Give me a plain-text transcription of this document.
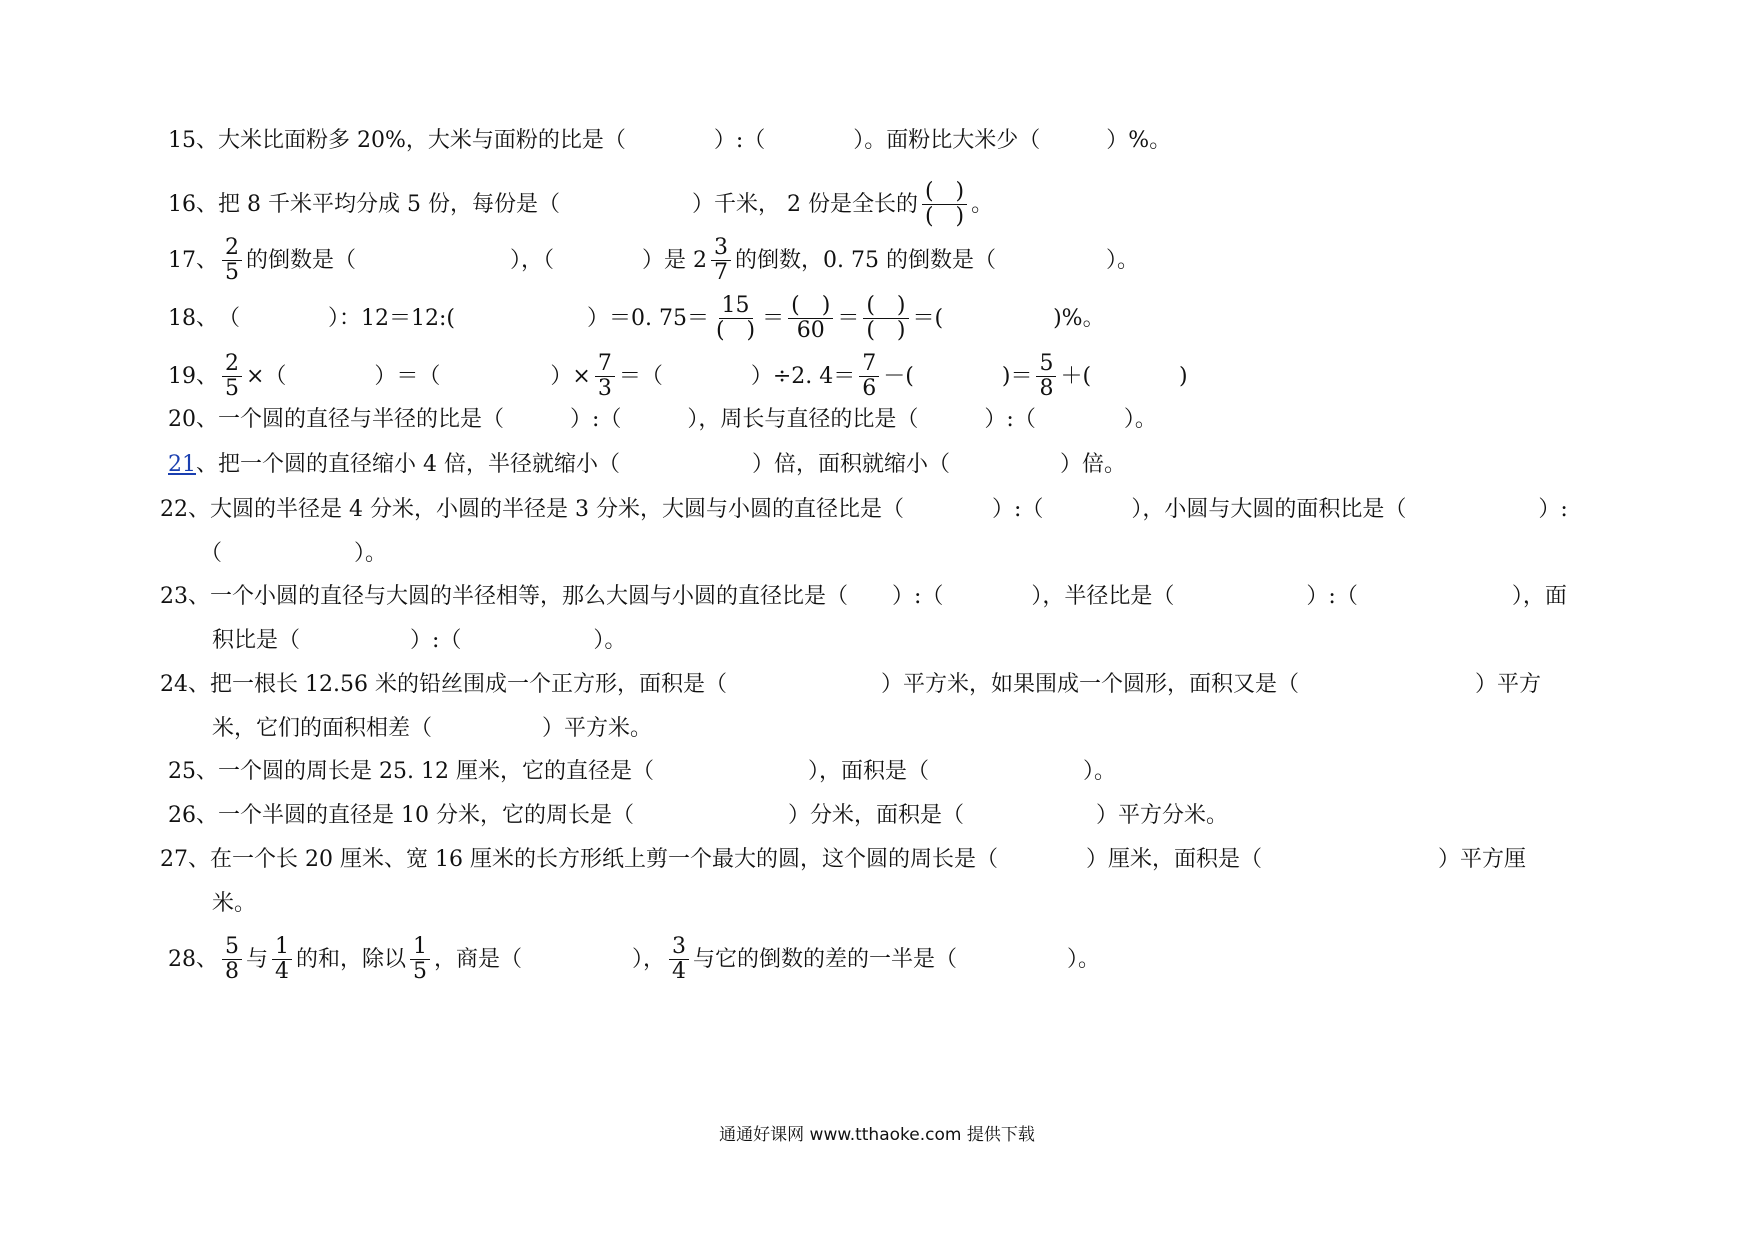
15、 大米比面粉多 20%，大米与面粉的比是（　　　　）:（　　　　）。面粉比大米少（　　　）%。
16、 把 8 千米平均分成 5 份，每份是（　　　　　　）千米， 2 份是全长的 $\frac{( )}{( )}$ 。
17、 $\frac{2}{5}$ 的倒数是（　　　　　　　），（　　　　）是 $2 \frac{3}{7}$ 的倒数，0. 75 的倒数是（　　　　　）。
18、 （　　　　）：12＝12:(　　　　　　）＝0. $75= \frac{15}{( )} = \frac{( )}{60} = \frac{( )}{( )}$ ＝(　　　　　)%。
19、 $\frac{2}{5}$ ×（　　　　）＝（　　　　　）× $\frac{7}{3}$ ＝（　　　　）÷2. $4= \frac{7}{6}$ －(　　　　)＝ $\frac{5}{8}$ ＋(　　　　)
20、 一个圆的直径与半径的比是（　　　）:（　　　），周长与直径的比是（　　　）:（　　　　）。
21 、 把一个圆的直径缩小 4 倍，半径就缩小（　　　　　　）倍，面积就缩小（　　　　　）倍。
22、 大圆的半径是 4 分米，小圆的半径是 3 分米，大圆与小圆的直径比是（　　　　）:（　　　　），小圆与大圆的面积比是（　　　　　　）:
（　　　　　　）。
23、 一个小圆的直径与大圆的半径相等，那么大圆与小圆的直径比是（　　）:（　　　　），半径比是（　　　　　　）:（　　　　　　　），面
积比是（　　　　　）:（　　　　　　）。
24、 把一根长 12.56 米的铅丝围成一个正方形，面积是（　　　　　　　）平方米，如果围成一个圆形，面积又是（　　　　　　　　）平方
米，它们的面积相差（　　　　　）平方米。
25、 一个圆的周长是 25. 12 厘米，它的直径是（　　　　　　　），面积是（　　　　　　　）。
26、 一个半圆的直径是 10 分米，它的周长是（　　　　　　　）分米，面积是（　　　　　　）平方分米。
27、 在一个长 20 厘米、宽 16 厘米的长方形纸上剪一个最大的圆，这个圆的周长是（　　　　）厘米，面积是（　　　　　　　　）平方厘
米。
28、 $\frac{5}{8}$ 与 $\frac{1}{4}$ 的和，除以 $\frac{1}{5}$ ，商是（　　　　　）， $\frac{3}{4}$ 与它的倒数的差的一半是（　　　　　）。
通通好课网 www.tthaoke.com 提供下载
